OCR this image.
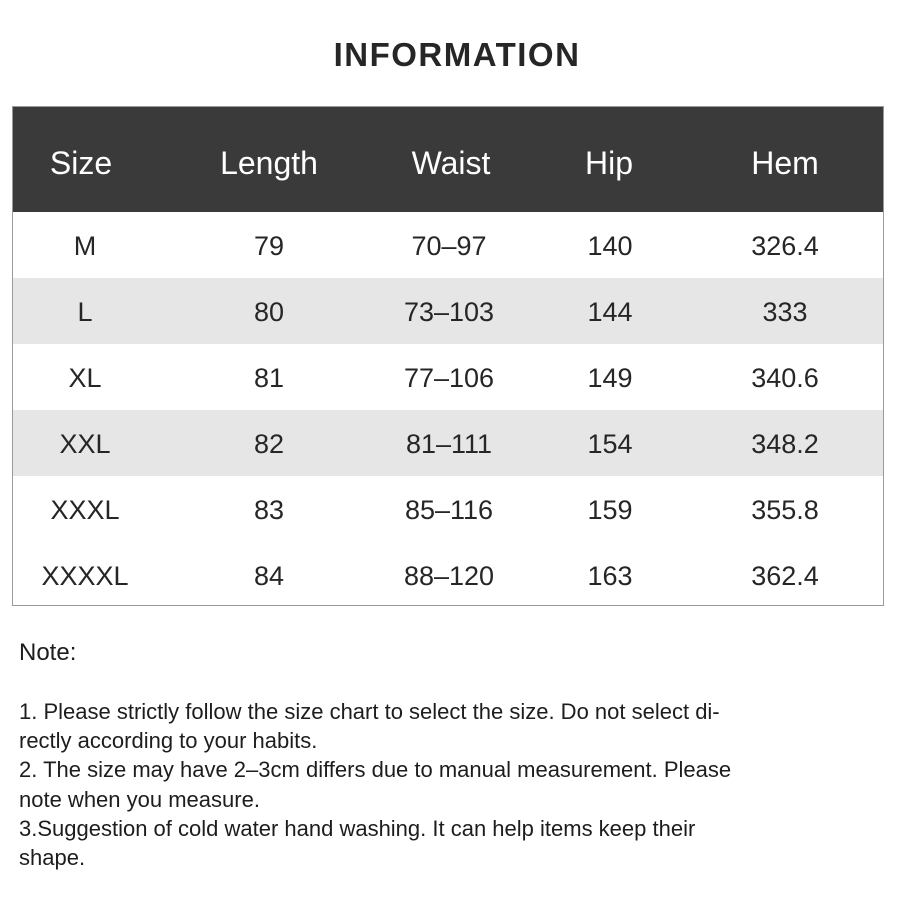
INFORMATION
Size	Length	Waist	Hip	Hem
M	79	70–97	140	326.4
L	80	73–103	144	333
XL	81	77–106	149	340.6
XXL	82	81–111	154	348.2
XXXL	83	85–116	159	355.8
XXXXL	84	88–120	163	362.4
Note:
1. Please strictly follow the size chart to select the size. Do not select di-
rectly according to your habits.
2. The size may have 2–3cm differs due to manual measurement. Please
note when you measure.
3.Suggestion of cold water hand washing. It can help items keep their
shape.
